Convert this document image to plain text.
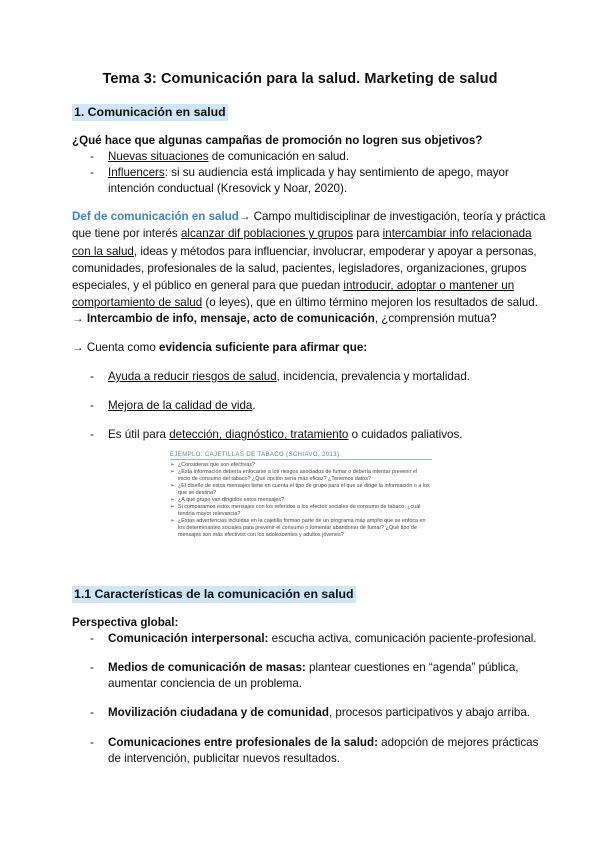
Tema 3: Comunicación para la salud. Marketing de salud
1. Comunicación en salud
¿Qué hace que algunas campañas de promoción no logren sus objetivos?
-	Nuevas situaciones de comunicación en salud.
-	Influencers: si su audiencia está implicada y hay sentimiento de apego, mayor
intención conductual (Kresovick y Noar, 2020).
Def de comunicación en salud→ Campo multidisciplinar de investigación, teoría y práctica
que tiene por interés alcanzar dif poblaciones y grupos para intercambiar info relacionada
con la salud, ideas y métodos para influenciar, involucrar, empoderar y apoyar a personas,
comunidades, profesionales de la salud, pacientes, legisladores, organizaciones, grupos
especiales, y el público en general para que puedan introducir, adoptar o mantener un
comportamiento de salud (o leyes), que en último término mejoren los resultados de salud.
→ Intercambio de info, mensaje, acto de comunicación, ¿comprensión mutua?
→ Cuenta como evidencia suficiente para afirmar que:
-	Ayuda a reducir riesgos de salud, incidencia, prevalencia y mortalidad.
-	Mejora de la calidad de vida.
-	Es útil para detección, diagnóstico, tratamiento o cuidados paliativos.
EJEMPLO: CAJETILLAS DE TABACO (SCHIAVO, 2013)
➢ ¿Consideras que son efectivas?
➢ ¿Esta información debería enfocarse a los riesgos asociados de fumar o debería intentar prevenir el inicio de consumo del tabaco? ¿Qué opción sería más eficaz? ¿Tenemos datos?
➢ ¿El diseño de estos mensajes tiene en cuenta el tipo de grupo para el que se dirige la información o a los que se destina?
➢ ¿A qué grupo van dirigidos estos mensajes?
➢ Si comparamos estos mensajes con los referidos a los efectos sociales de consumo de tabaco, ¿cuál tendría mayor relevancia?
➢ ¿Estas advertencias incluidas en la cajetilla forman parte de un programa más amplio que se enfoca en los determinantes sociales para prevenir el consumo o fomentar abandonar de fumar? ¿Qué tipo de mensajes son más efectivos con los adolescentes y adultos jóvenes?
1.1 Características de la comunicación en salud
Perspectiva global:
-	Comunicación interpersonal: escucha activa, comunicación paciente-profesional.
-	Medios de comunicación de masas: plantear cuestiones en “agenda” pública,
aumentar conciencia de un problema.
-	Movilización ciudadana y de comunidad, procesos participativos y abajo arriba.
-	Comunicaciones entre profesionales de la salud: adopción de mejores prácticas
de intervención, publicitar nuevos resultados.
